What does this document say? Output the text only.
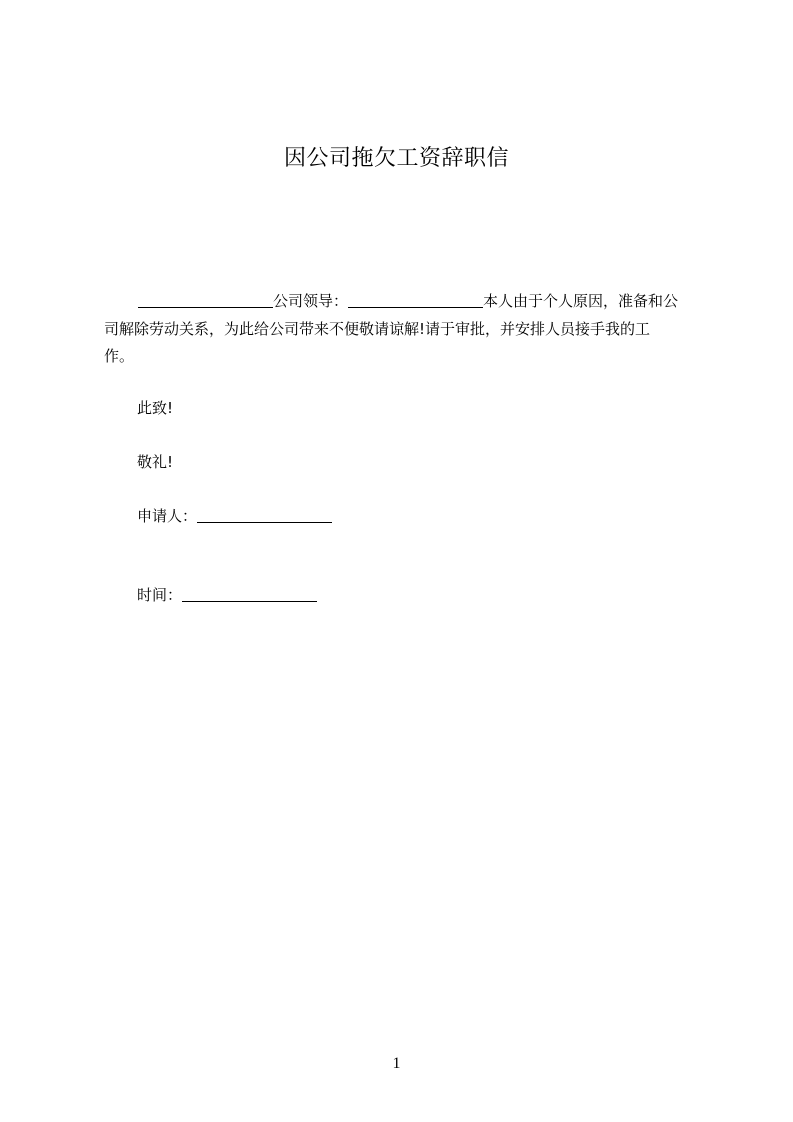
因公司拖欠工资辞职信
公司领导：	本人由于个人原因，准备和公
司解除劳动关系，为此给公司带来不便敬请谅解!请于审批，并安排人员接手我的工
作。
此致!
敬礼!
申请人：
时间：
1
